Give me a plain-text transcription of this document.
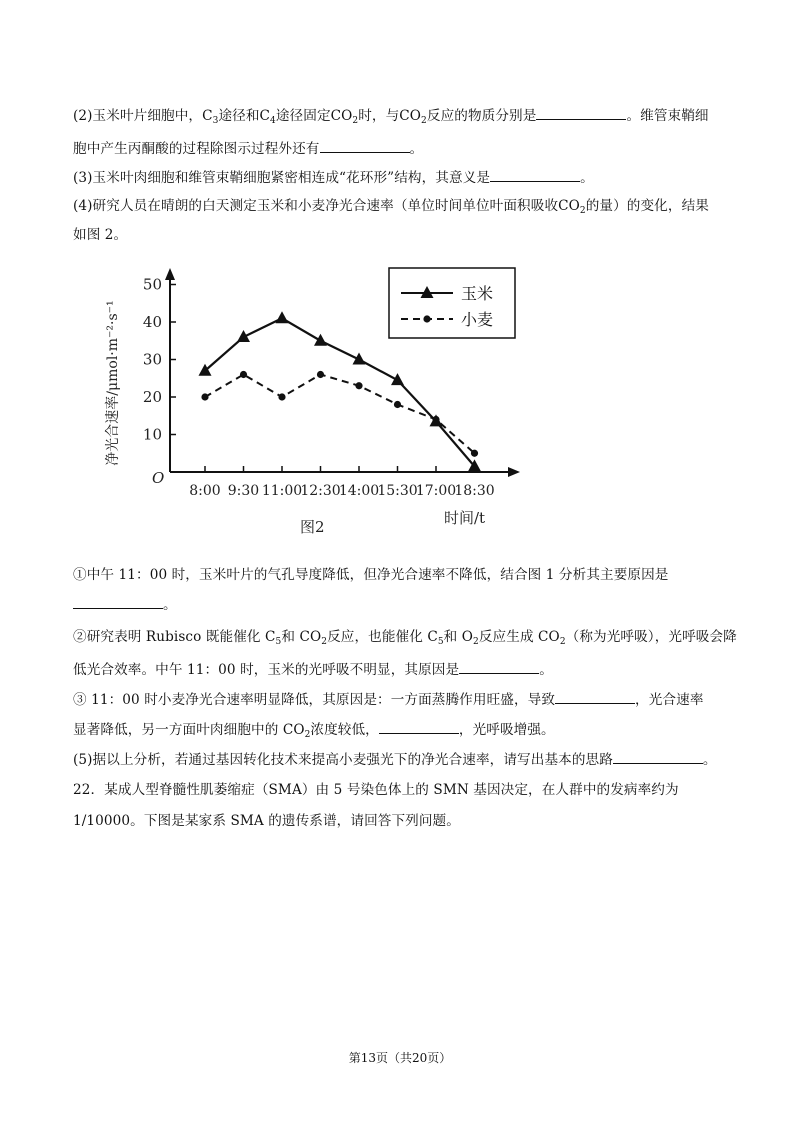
(2)玉米叶片细胞中，$C_3$途径和$C_4$途径固定$CO_2$时，与$CO_2$反应的物质分别是	。维管束鞘细
胞中产生丙酮酸的过程除图示过程外还有	。
(3)玉米叶肉细胞和维管束鞘细胞紧密相连成“花环形”结构，其意义是	。
(4)研究人员在晴朗的白天测定玉米和小麦净光合速率（单位时间单位叶面积吸收$CO_2$的量）的变化，结果
如图 2。
10
20
30
40
50
8:00 9:30 11:00
12:30
14:00
15:30
17:00
18:30
玉米
小麦
净光合速率/μmol·m⁻²·s⁻¹
O
时间/t
图2
①中午 11：00 时，玉米叶片的气孔导度降低，但净光合速率不降低，结合图 1 分析其主要原因是
。
②研究表明 Rubisco 既能催化 $C_5$和 $CO_2$反应，也能催化 $C_5$和 $O_2$反应生成 $CO_2$（称为光呼吸），光呼吸会降
低光合效率。中午 11：00 时，玉米的光呼吸不明显，其原因是	。
③ 11：00 时小麦净光合速率明显降低，其原因是：一方面蒸腾作用旺盛，导致	，光合速率
显著降低，另一方面叶肉细胞中的 $CO_2$浓度较低，	，光呼吸增强。
(5)据以上分析，若通过基因转化技术来提高小麦强光下的净光合速率，请写出基本的思路	。
22．某成人型脊髓性肌萎缩症（SMA）由 5 号染色体上的 SMN 基因决定，在人群中的发病率约为
1/10000。下图是某家系 SMA 的遗传系谱，请回答下列问题。
第13页（共20页）
